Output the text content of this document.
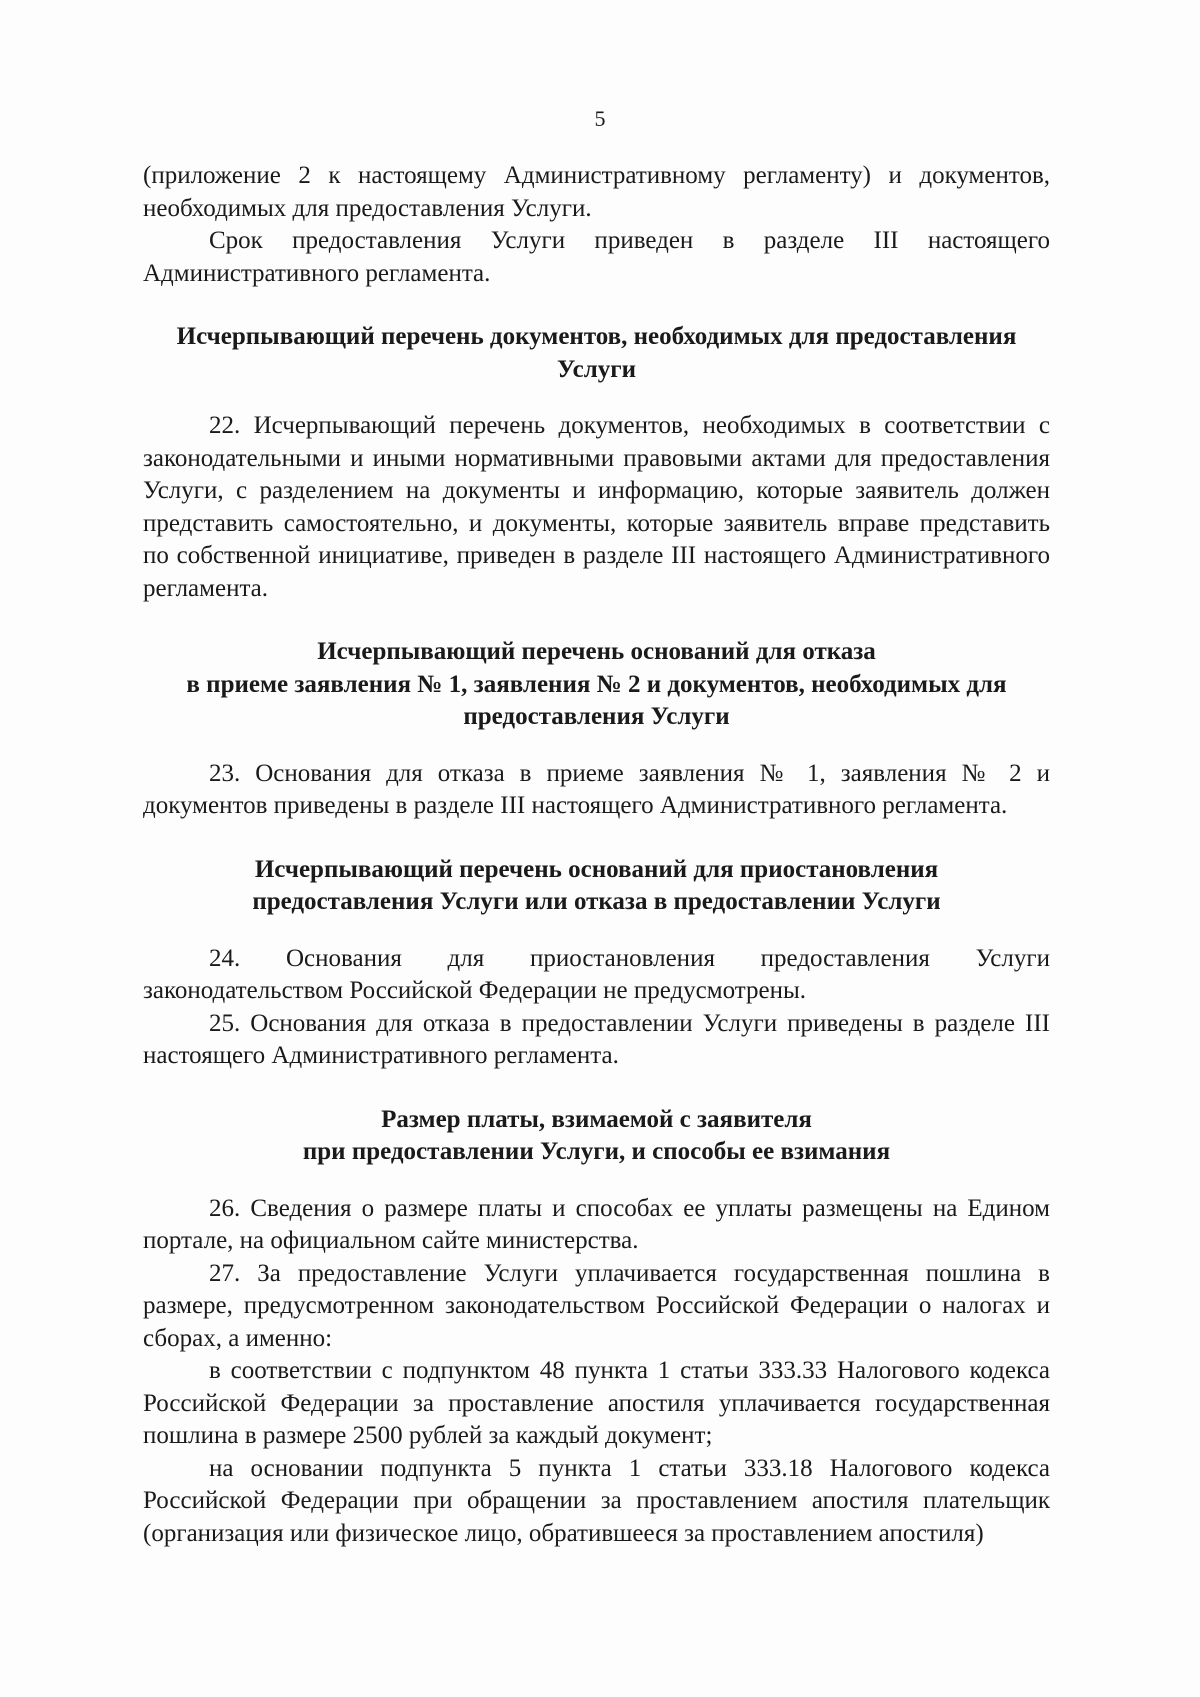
5

(приложение 2 к настоящему Административному регламенту) и документов, необходимых для предоставления Услуги.

Срок предоставления Услуги приведен в разделе III настоящего Административного регламента.

Исчерпывающий перечень документов, необходимых для предоставления
Услуги

22. Исчерпывающий перечень документов, необходимых в соответствии с законодательными и иными нормативными правовыми актами для предоставления Услуги, с разделением на документы и информацию, которые заявитель должен представить самостоятельно, и документы, которые заявитель вправе представить по собственной инициативе, приведен в разделе III настоящего Административного регламента.

Исчерпывающий перечень оснований для отказа
в приеме заявления № 1, заявления № 2 и документов, необходимых для
предоставления Услуги

23. Основания для отказа в приеме заявления № 1, заявления № 2 и документов приведены в разделе III настоящего Административного регламента.

Исчерпывающий перечень оснований для приостановления
предоставления Услуги или отказа в предоставлении Услуги

24. Основания для приостановления предоставления Услуги законодательством Российской Федерации не предусмотрены.

25. Основания для отказа в предоставлении Услуги приведены в разделе III настоящего Административного регламента.

Размер платы, взимаемой с заявителя
при предоставлении Услуги, и способы ее взимания

26. Сведения о размере платы и способах ее уплаты размещены на Едином портале, на официальном сайте министерства.

27. За предоставление Услуги уплачивается государственная пошлина в размере, предусмотренном законодательством Российской Федерации о налогах и сборах, а именно:

в соответствии с подпунктом 48 пункта 1 статьи 333.33 Налогового кодекса Российской Федерации за проставление апостиля уплачивается государственная пошлина в размере 2500 рублей за каждый документ;

на основании подпункта 5 пункта 1 статьи 333.18 Налогового кодекса Российской Федерации при обращении за проставлением апостиля плательщик (организация или физическое лицо, обратившееся за проставлением апостиля)
